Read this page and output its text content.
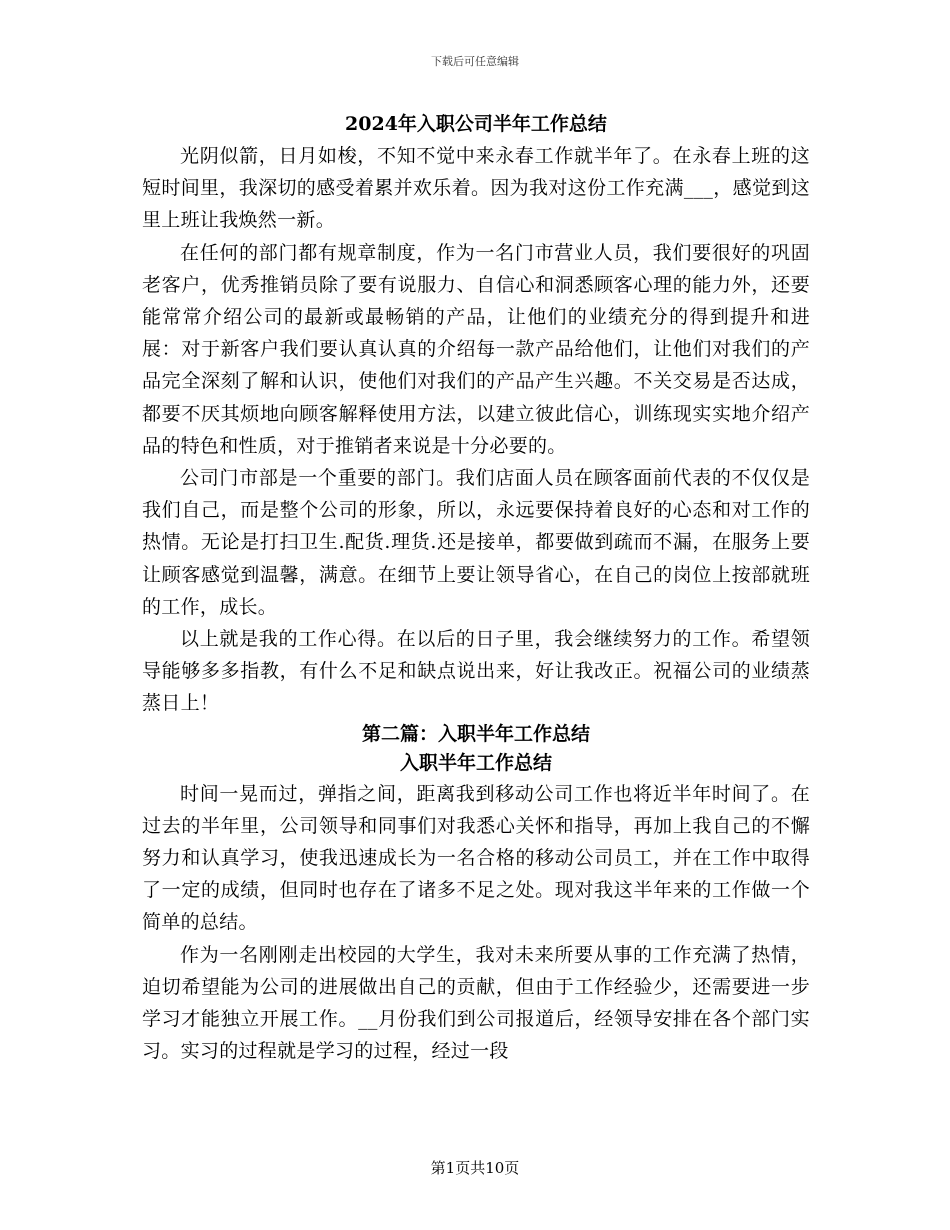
下载后可任意编辑

2024年入职公司半年工作总结

光阴似箭，日月如梭，不知不觉中来永春工作就半年了。在永春上班的这短时间里，我深切的感受着累并欢乐着。因为我对这份工作充满___，感觉到这里上班让我焕然一新。

在任何的部门都有规章制度，作为一名门市营业人员，我们要很好的巩固老客户，优秀推销员除了要有说服力、自信心和洞悉顾客心理的能力外，还要能常常介绍公司的最新或最畅销的产品，让他们的业绩充分的得到提升和进展：对于新客户我们要认真认真的介绍每一款产品给他们，让他们对我们的产品完全深刻了解和认识，使他们对我们的产品产生兴趣。不关交易是否达成，都要不厌其烦地向顾客解释使用方法，以建立彼此信心，训练现实实地介绍产品的特色和性质，对于推销者来说是十分必要的。

公司门市部是一个重要的部门。我们店面人员在顾客面前代表的不仅仅是我们自己，而是整个公司的形象，所以，永远要保持着良好的心态和对工作的热情。无论是打扫卫生.配货.理货.还是接单，都要做到疏而不漏，在服务上要让顾客感觉到温馨，满意。在细节上要让领导省心，在自己的岗位上按部就班的工作，成长。

以上就是我的工作心得。在以后的日子里，我会继续努力的工作。希望领导能够多多指教，有什么不足和缺点说出来，好让我改正。祝福公司的业绩蒸蒸日上！

第二篇：入职半年工作总结

入职半年工作总结

时间一晃而过，弹指之间，距离我到移动公司工作也将近半年时间了。在过去的半年里，公司领导和同事们对我悉心关怀和指导，再加上我自己的不懈努力和认真学习，使我迅速成长为一名合格的移动公司员工，并在工作中取得了一定的成绩，但同时也存在了诸多不足之处。现对我这半年来的工作做一个简单的总结。

作为一名刚刚走出校园的大学生，我对未来所要从事的工作充满了热情，迫切希望能为公司的进展做出自己的贡献，但由于工作经验少，还需要进一步学习才能独立开展工作。__月份我们到公司报道后，经领导安排在各个部门实习。实习的过程就是学习的过程，经过一段

第1页共10页
